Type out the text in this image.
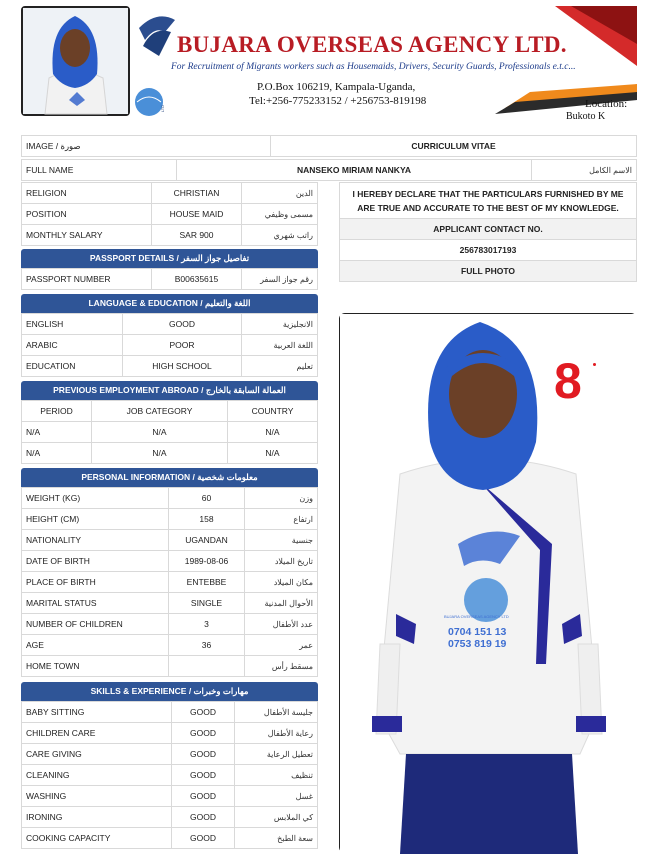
BUJARA OVERSEAS AGENCY LTD.
For Recruitment of Migrants workers such as Housemaids, Drivers, Security Guards, Professionals e.t.c...
P.O.Box 106219, Kampala-Uganda,
Tel:+256-775233152 / +256753-819198	Location:
Bukoto K
LTD
IMAGE / صورة	CURRICULUM VITAE
FULL NAME	NANSEKO MIRIAM NANKYA	الاسم الكامل
RELIGION	CHRISTIAN	الدين
POSITION	HOUSE MAID	مسمى وظيفي
MONTHLY SALARY	SAR 900	راتب شهري
I HEREBY DECLARE THAT THE PARTICULARS FURNISHED BY ME ARE TRUE AND ACCURATE TO THE BEST OF MY KNOWLEDGE.
APPLICANT CONTACT NO.
256783017193
FULL PHOTO
PASSPORT DETAILS / تفاصيل جواز السفر
PASSPORT NUMBER	B00635615	رقم جواز السفر
LANGUAGE & EDUCATION / اللغة والتعليم
ENGLISH	GOOD	الانجليزية
ARABIC	POOR	اللغة العربية
EDUCATION	HIGH SCHOOL	تعليم
PREVIOUS EMPLOYMENT ABROAD / العمالة السابقة بالخارج
PERIOD	JOB CATEGORY	COUNTRY
N/A	N/A	N/A
N/A	N/A	N/A
PERSONAL INFORMATION / معلومات شخصية
WEIGHT (KG)	60	وزن
HEIGHT (CM)	158	ارتفاع
NATIONALITY	UGANDAN	جنسية
DATE OF BIRTH	1989-08-06	تاريخ الميلاد
PLACE OF BIRTH	ENTEBBE	مكان الميلاد
MARITAL STATUS	SINGLE	الأحوال المدنية
NUMBER OF CHILDREN	3	عدد الأطفال
AGE	36	عمر
HOME TOWN		مسقط رأس
SKILLS & EXPERIENCE / مهارات وخبرات
BABY SITTING	GOOD	جليسة الأطفال
CHILDREN CARE	GOOD	رعاية الأطفال
CARE GIVING	GOOD	تعطيل الرعاية
CLEANING	GOOD	تنظيف
WASHING	GOOD	غسل
IRONING	GOOD	كي الملابس
COOKING CAPACITY	GOOD	سعة الطبخ
8
0704 151 13
0753 819 19
BUJARA OVERSEAS AGENCY LTD
